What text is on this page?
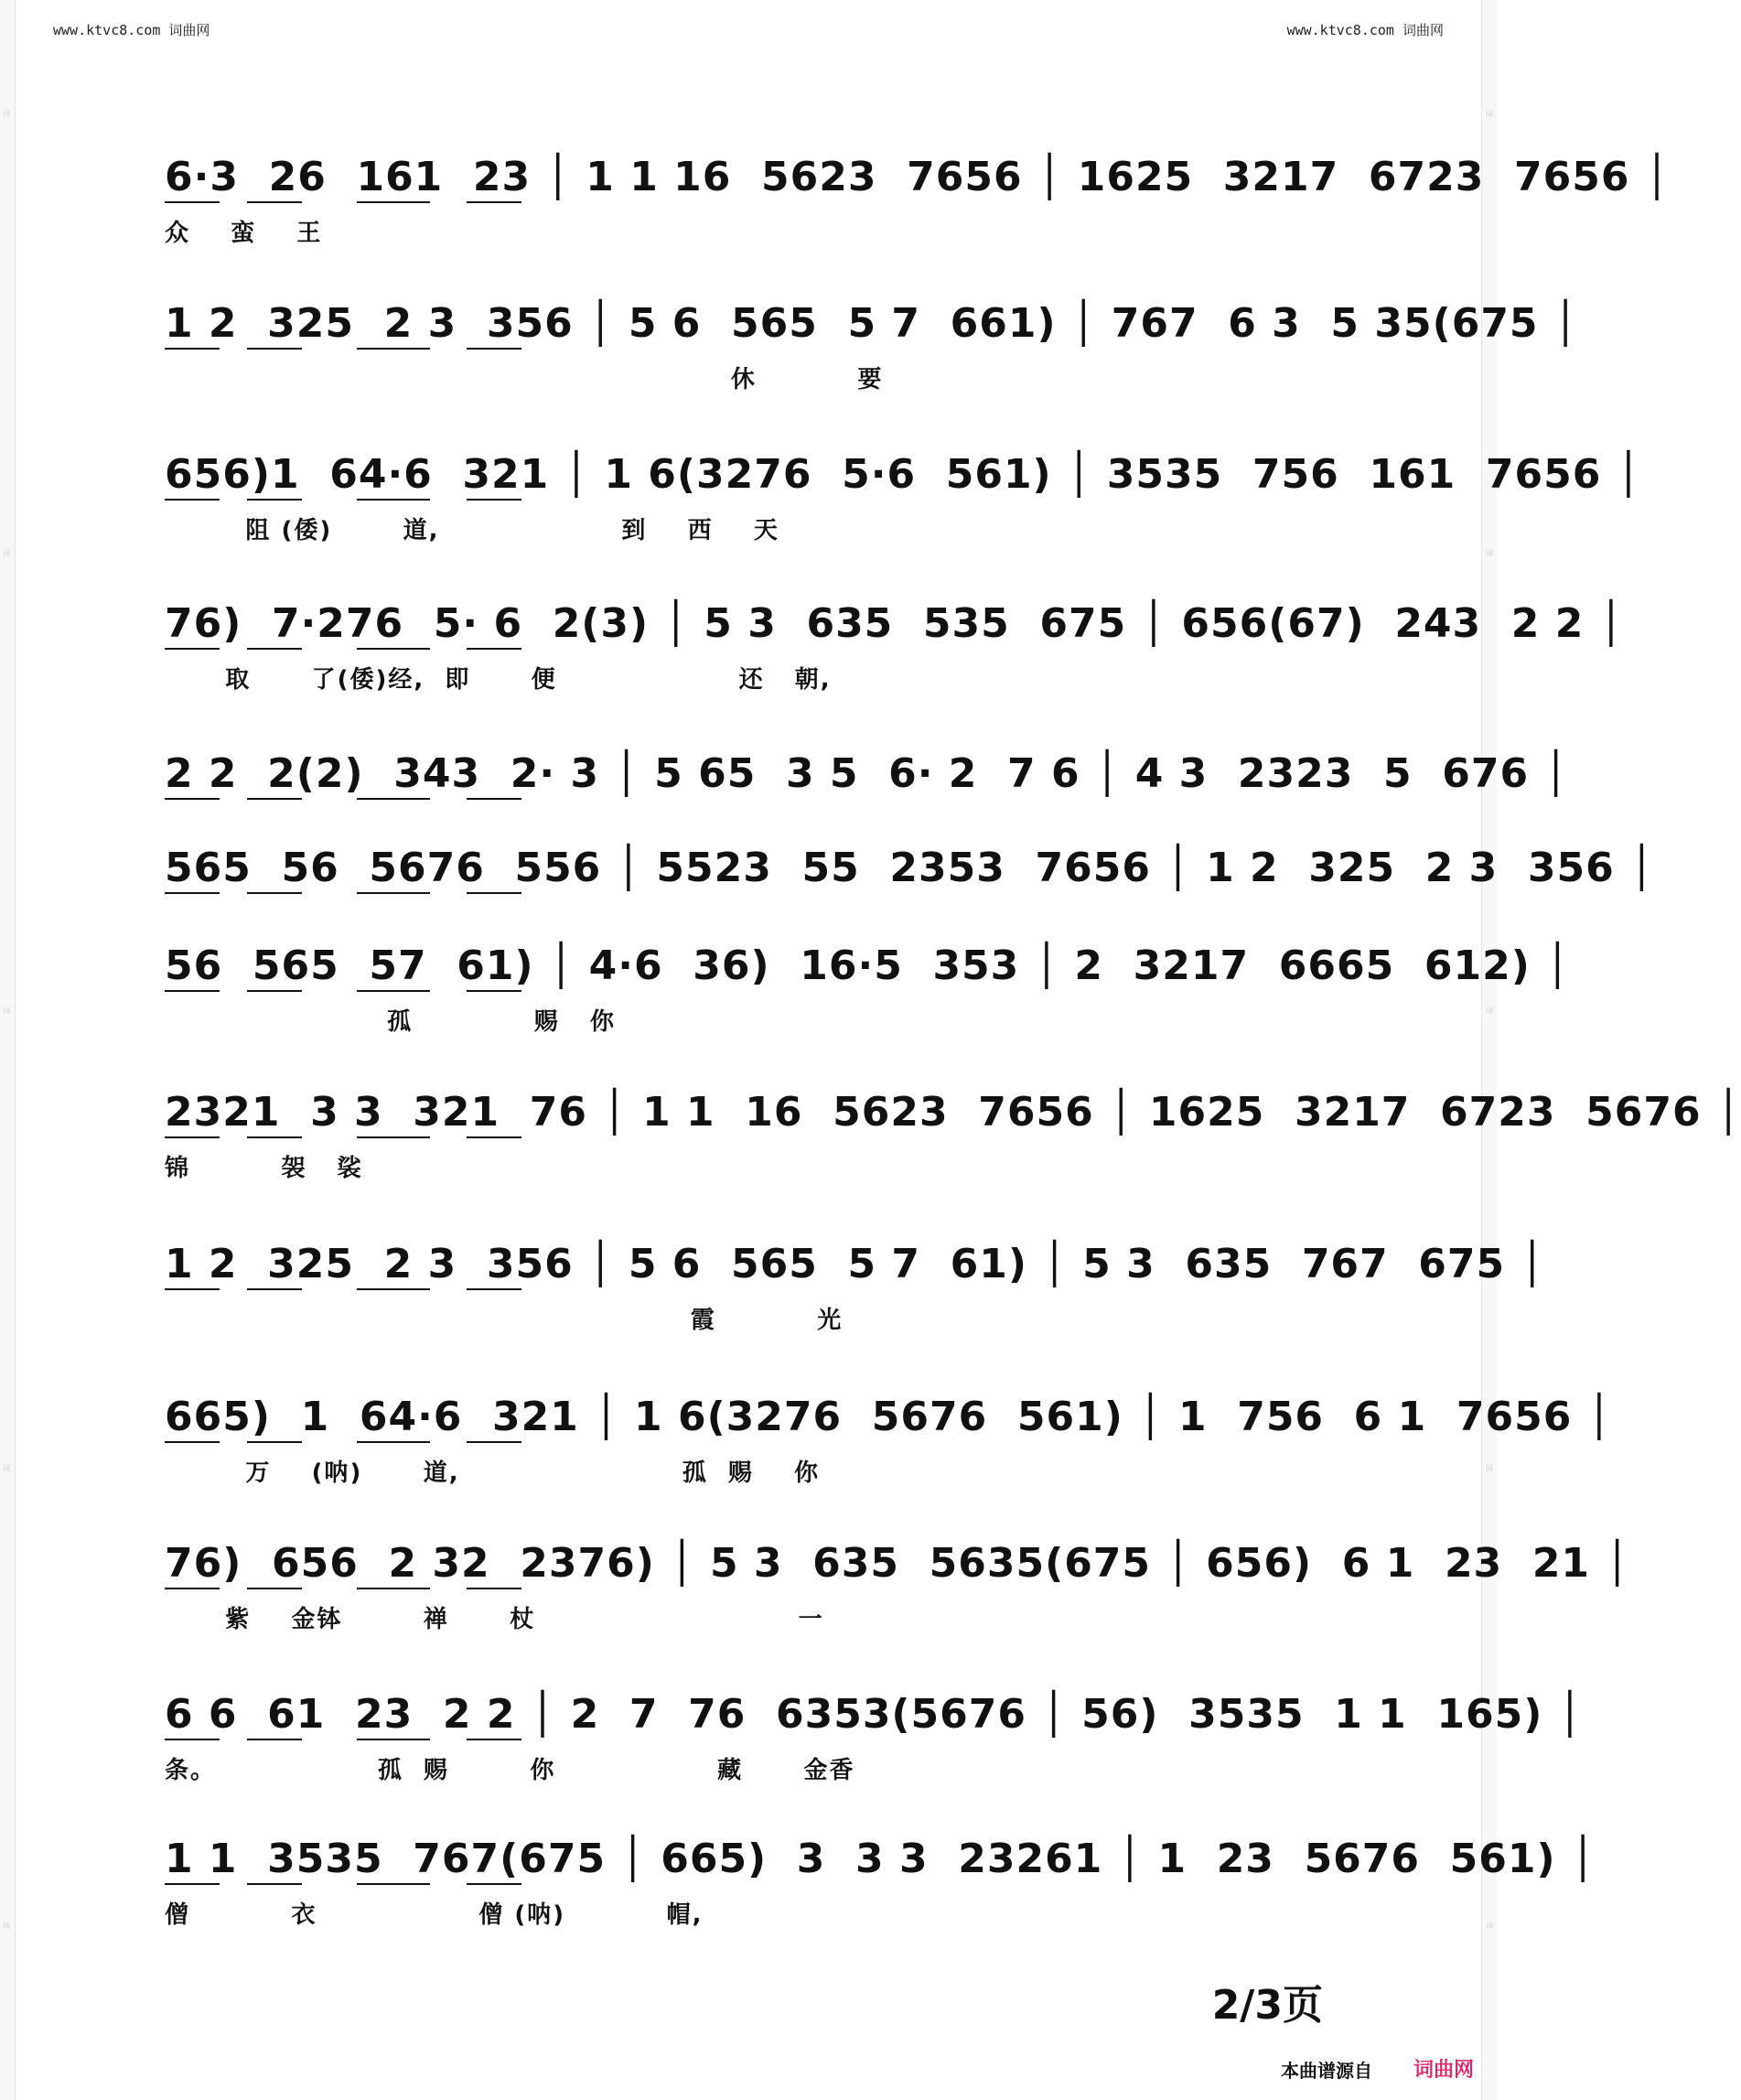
词
词
词
词
词
词
词
词
词
词
www.ktvc8.com 词曲网	www.ktvc8.com 词曲网
6·3  26  161  23 │ 1 1 16  5623  7656 │ 1625  3217  6723  7656 │
众    蛮    王
1 2  325  2 3  356 │ 5 6  565  5 7  661) │ 767  6 3  5 35(675 │
休          要
656)1  64·6  321 │ 1 6(3276  5·6  561) │ 3535  756  161  7656 │
阻 (倭)       道,                  到    西    天
76)  7·276  5· 6  2(3) │ 5 3  635  535  675 │ 656(67)  243  2 2 │
取      了(倭)经,  即      便                  还   朝,
2 2  2(2)  343  2· 3 │ 5 65  3 5  6· 2  7 6 │ 4 3  2323  5  676 │
565  56  5676  556 │ 5523  55  2353  7656 │ 1 2  325  2 3  356 │
56  565  57  61) │ 4·6  36)  16·5  353 │ 2  3217  6665  612) │
孤            赐   你
2321  3 3  321  76 │ 1 1  16  5623  7656 │ 1625  3217  6723  5676 │
锦         袈   裟
1 2  325  2 3  356 │ 5 6  565  5 7  61) │ 5 3  635  767  675 │
霞          光
665)  1  64·6  321 │ 1 6(3276  5676  561) │ 1  756  6 1  7656 │
万    (呐)      道,                      孤  赐    你
76)  656  2 32  2376) │ 5 3  635  5635(675 │ 656)  6 1  23  21 │
紫    金钵        禅      杖                          一
6 6  61  23  2 2 │ 2  7  76  6353(5676 │ 56)  3535  1 1  165) │
条。                孤  赐        你                藏      金香
1 1  3535  767(675 │ 665)  3  3 3  23261 │ 1  23  5676  561) │
僧          衣                僧 (呐)          帽,
2/3页
本曲谱源自 词曲网
